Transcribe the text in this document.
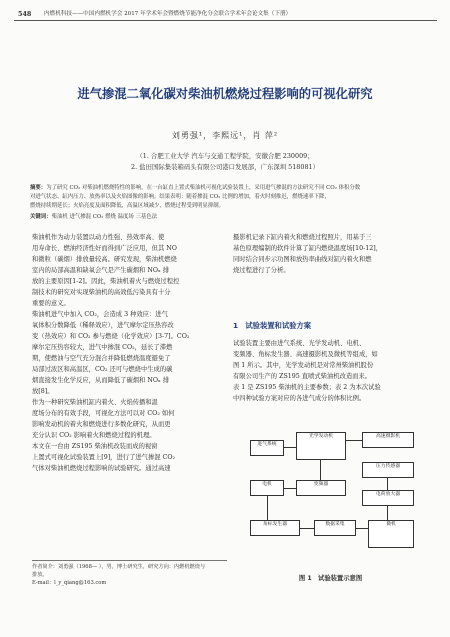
548 内燃机科技——中国内燃机学会 2017 年学术年会暨燃烧节能净化分会联合学术年会论文集（下册）
进气掺混二氧化碳对柴油机燃烧过程影响的可视化研究
刘勇强¹，李熙远¹，肖 萍²
（1. 合肥工业大学 汽车与交通工程学院，安徽合肥 230009；
2. 盐田国际集装箱码头有限公司港口发展部，广东深圳 518081）
摘要：为了研究 CO₂ 对柴油机燃烧特性的影响，在一台缸直上置式柴油机可视化试验装置上，采用进气掺混的方法研究不同 CO₂ 体积分数
对进气状态、缸内压力、放热率以及火焰图像的影响。结果表明：随着掺混 CO₂ 比例的增加，着火时刻推迟，燃烧速率下降，
燃烧持续期延长；火焰亮度及面积降低，高温区域减少，燃烧过程受到明显抑制。
关键词：柴油机 进气掺混 CO₂ 燃烧 温度场 三基色法
柴油机作为动力装置以动力性强、热效率高、使
用寿命长、燃油经济性好而得到广泛应用，但其 NO
和微粒（碳烟）排放量较高。研究发现，柴油机燃烧
室内的局部高温和缺氧会气是产生碳烟和 NOₓ 排
放的主要原因[1-2]。因此，柴油机着火与燃烧过程控
制技术的研究对实现柴油机的高效低污染具有十分
重要的意义。
柴油机进气中加入 CO₂，会造成 3 种效应：进气
氧体积分数降低（稀释效应），进气摩尔定压热容改
变（热效应）和 CO₂ 参与燃烧（化学效应）[3-7]。CO₂
摩尔定压热容较大，进气中掺混 CO₂，延长了滞燃
期，使燃油与空气充分混合并降低燃烧温度避免了
局部过浓区和高温区，CO₂ 还可与燃烧中生成的碳
烟直接发生化学反应，从而降低了碳烟和 NOₓ 排
放[8]。
作为一种研究柴油机缸内着火、火焰传播和温
度场分布的有效手段，可视化方法可以对 CO₂ 如何
影响发动机的着火和燃烧进行多数化研究，从而更
充分认识 CO₂ 影响着火和燃烧过程的机理。
本文在一台由 ZS195 柴油机改装而成的视窗
上置式可视化试验装置上[9]，进行了进气掺混 CO₂
气体对柴油机燃烧过程影响的试验研究。通过高速
摄影机记录下缸内着火和燃烧过程照片，用基于三
基色原理编制的软件计算了缸内燃烧温度场[10-12]，
同时结合同步示功图和放热率曲线对缸内着火和燃
烧过程进行了分析。
1　试验装置和试验方案
试验装置主要由进气系统、光学发动机、电机、
变频器、角标发生器、高速摄影机及微机等组成，如
图 1 所示。其中，光学发动机是对常州柴油机股份
有限公司生产的 ZS195 直喷式柴油机改造而来。
表 1 是 ZS195 柴油机的主要参数；表 2 为本次试验
中四种试验方案对应的各进气成分的体积比例。
进气系统
光学发动机	高速摄影机
压力传感器
电机	变频器
电荷放大器
角标发生器	数据采集	微机
图 1　试验装置示意图
作者简介：刘勇强（1968— ），男，博士研究生，研究方向：内燃机燃烧与
排放。
E-mail：l_y_qiang@163.com
